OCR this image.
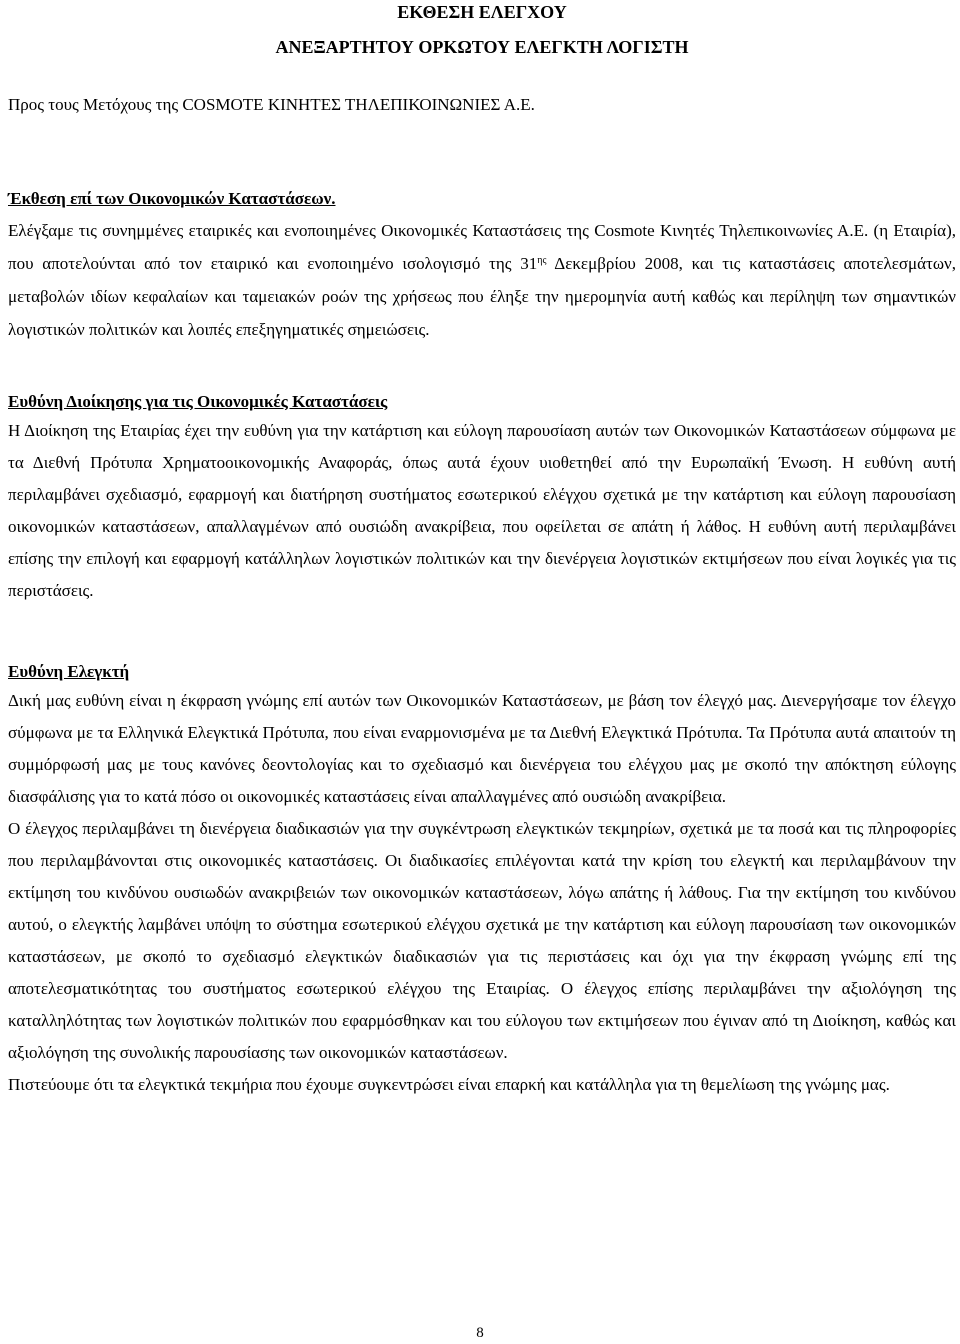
ΕΚΘΕΣΗ ΕΛΕΓΧΟΥ
ΑΝΕΞΑΡΤΗΤΟΥ ΟΡΚΩΤΟΥ ΕΛΕΓΚΤΗ ΛΟΓΙΣΤΗ

Προς τους Μετόχους της COSMOTE ΚΙΝΗΤΕΣ ΤΗΛΕΠΙΚΟΙΝΩΝΙΕΣ Α.Ε.

Έκθεση επί των Οικονομικών Καταστάσεων.

Ελέγξαμε τις συνημμένες εταιρικές και ενοποιημένες Οικονομικές Καταστάσεις της Cosmote Κινητές Τηλεπικοινωνίες Α.Ε. (η Εταιρία), που αποτελούνται από τον εταιρικό και ενοποιημένο ισολογισμό της $31^{\eta\varsigma}$ Δεκεμβρίου 2008, και τις καταστάσεις αποτελεσμάτων, μεταβολών ιδίων κεφαλαίων και ταμειακών ροών της χρήσεως που έληξε την ημερομηνία αυτή καθώς και περίληψη των σημαντικών λογιστικών πολιτικών και λοιπές επεξηγηματικές σημειώσεις.

Ευθύνη Διοίκησης για τις Οικονομικές Καταστάσεις

Η Διοίκηση της Εταιρίας έχει την ευθύνη για την κατάρτιση και εύλογη παρουσίαση αυτών των Οικονομικών Καταστάσεων σύμφωνα με τα Διεθνή Πρότυπα Χρηματοοικονομικής Αναφοράς, όπως αυτά έχουν υιοθετηθεί από την Ευρωπαϊκή Ένωση. Η ευθύνη αυτή περιλαμβάνει σχεδιασμό, εφαρμογή και διατήρηση συστήματος εσωτερικού ελέγχου σχετικά με την κατάρτιση και εύλογη παρουσίαση οικονομικών καταστάσεων, απαλλαγμένων από ουσιώδη ανακρίβεια, που οφείλεται σε απάτη ή λάθος. Η ευθύνη αυτή περιλαμβάνει επίσης την επιλογή και εφαρμογή κατάλληλων λογιστικών πολιτικών και την διενέργεια λογιστικών εκτιμήσεων που είναι λογικές για τις περιστάσεις.

Ευθύνη Ελεγκτή

Δική μας ευθύνη είναι η έκφραση γνώμης επί αυτών των Οικονομικών Καταστάσεων, με βάση τον έλεγχό μας. Διενεργήσαμε τον έλεγχο σύμφωνα με τα Ελληνικά Ελεγκτικά Πρότυπα, που είναι εναρμονισμένα με τα Διεθνή Ελεγκτικά Πρότυπα. Τα Πρότυπα αυτά απαιτούν τη συμμόρφωσή μας με τους κανόνες δεοντολογίας και το σχεδιασμό και διενέργεια του ελέγχου μας με σκοπό την απόκτηση εύλογης διασφάλισης για το κατά πόσο οι οικονομικές καταστάσεις είναι απαλλαγμένες από ουσιώδη ανακρίβεια.

Ο έλεγχος περιλαμβάνει τη διενέργεια διαδικασιών για την συγκέντρωση ελεγκτικών τεκμηρίων, σχετικά με τα ποσά και τις πληροφορίες που περιλαμβάνονται στις οικονομικές καταστάσεις. Οι διαδικασίες επιλέγονται κατά την κρίση του ελεγκτή και περιλαμβάνουν την εκτίμηση του κινδύνου ουσιωδών ανακριβειών των οικονομικών καταστάσεων, λόγω απάτης ή λάθους. Για την εκτίμηση του κινδύνου αυτού, ο ελεγκτής λαμβάνει υπόψη το σύστημα εσωτερικού ελέγχου σχετικά με την κατάρτιση και εύλογη παρουσίαση των οικονομικών καταστάσεων, με σκοπό το σχεδιασμό ελεγκτικών διαδικασιών για τις περιστάσεις και όχι για την έκφραση γνώμης επί της αποτελεσματικότητας του συστήματος εσωτερικού ελέγχου της Εταιρίας. Ο έλεγχος επίσης περιλαμβάνει την αξιολόγηση της καταλληλότητας των λογιστικών πολιτικών που εφαρμόσθηκαν και του εύλογου των εκτιμήσεων που έγιναν από τη Διοίκηση, καθώς και αξιολόγηση της συνολικής παρουσίασης των οικονομικών καταστάσεων.

Πιστεύουμε ότι τα ελεγκτικά τεκμήρια που έχουμε συγκεντρώσει είναι επαρκή και κατάλληλα για τη θεμελίωση της γνώμης μας.

8
